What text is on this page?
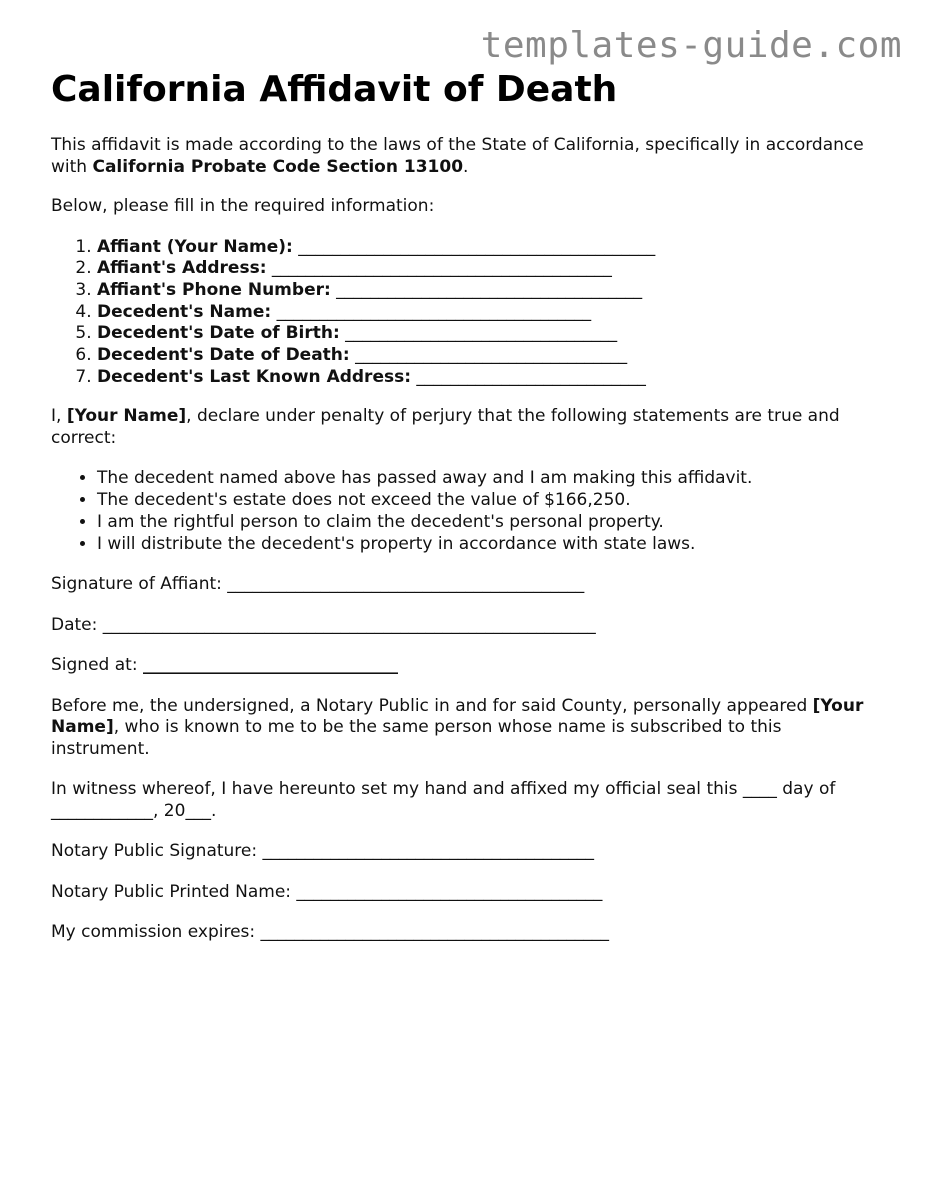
templates-guide.com
California Affidavit of Death

This affidavit is made according to the laws of the State of California, specifically in accordance with California Probate Code Section 13100.

Below, please fill in the required information:

1. Affiant (Your Name): __________________________________________
2. Affiant's Address: ________________________________________
3. Affiant's Phone Number: ____________________________________
4. Decedent's Name: _____________________________________
5. Decedent's Date of Birth: ________________________________
6. Decedent's Date of Death: ________________________________
7. Decedent's Last Known Address: ___________________________

I, [Your Name], declare under penalty of perjury that the following statements are true and correct:

• The decedent named above has passed away and I am making this affidavit.
• The decedent's estate does not exceed the value of $166,250.
• I am the rightful person to claim the decedent's personal property.
• I will distribute the decedent's property in accordance with state laws.

Signature of Affiant: __________________________________________

Date: __________________________________________________________

Signed at: ______________________________

Before me, the undersigned, a Notary Public in and for said County, personally appeared [Your Name], who is known to me to be the same person whose name is subscribed to this instrument.

In witness whereof, I have hereunto set my hand and affixed my official seal this ____ day of ____________, 20___.

Notary Public Signature: _______________________________________

Notary Public Printed Name: ____________________________________

My commission expires: _________________________________________
